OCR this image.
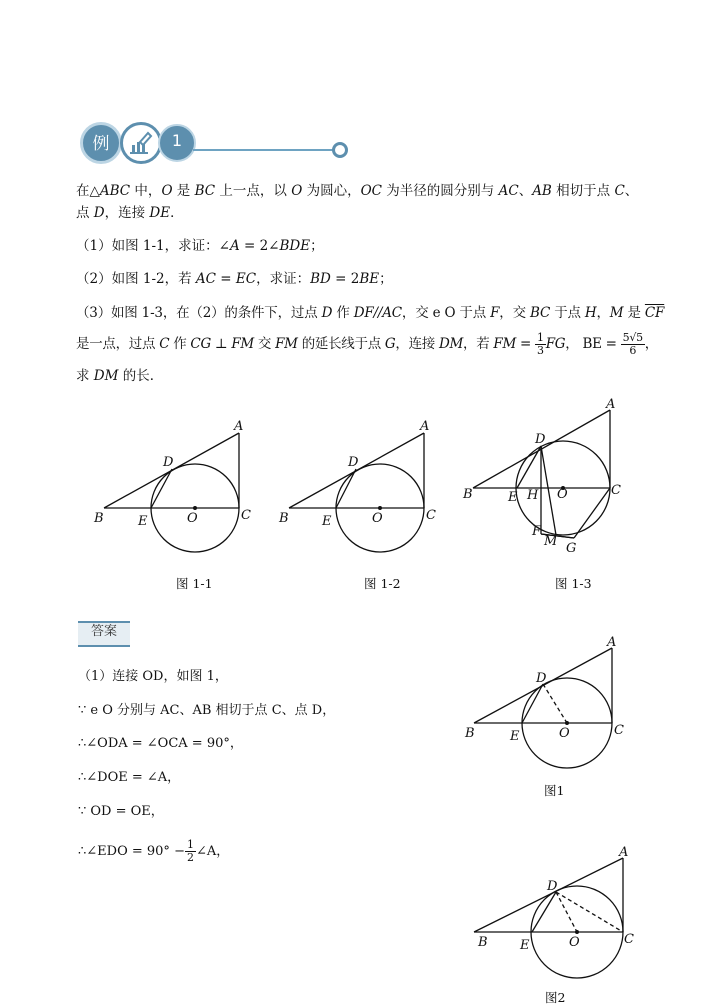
例	1
在△ABC 中，O 是 BC 上一点，以 O 为圆心，OC 为半径的圆分别与 AC、AB 相切于点 C、
点 D，连接 DE．
（1）如图 1-1，求证：∠A = 2∠BDE；
（2）如图 1-2，若 AC = EC，求证：BD = 2BE；
（3）如图 1-3，在（2）的条件下，过点 D 作 DF//AC，交 e O 于点 F，交 BC 于点 H，M 是 $\overline{CF}$
是一点，过点 C 作 CG ⊥ FM 交 FM 的延长线于点 G，连接 DM，若 FM = $\frac{1}{3}$ FG， BE = $\frac{5√5}{6}$ ，
求 DM 的长．
A
B	C
D
E	O
A
B	C
D
E	O
A
B	C
D
E H O
F
M G
A
B	C
D
E	O
A
B	C
D
E	O
图 1-1	图 1-2	图 1-3
答案
（1）连接 OD，如图 1，
∵ e O 分别与 AC、AB 相切于点 C、点 D，
∴∠ODA = ∠OCA = 90°，
∴∠DOE = ∠A，
∵ OD = OE，
∴∠EDO = $90^\circ - \frac{1}{2}$ ∠A，
图1
图2
